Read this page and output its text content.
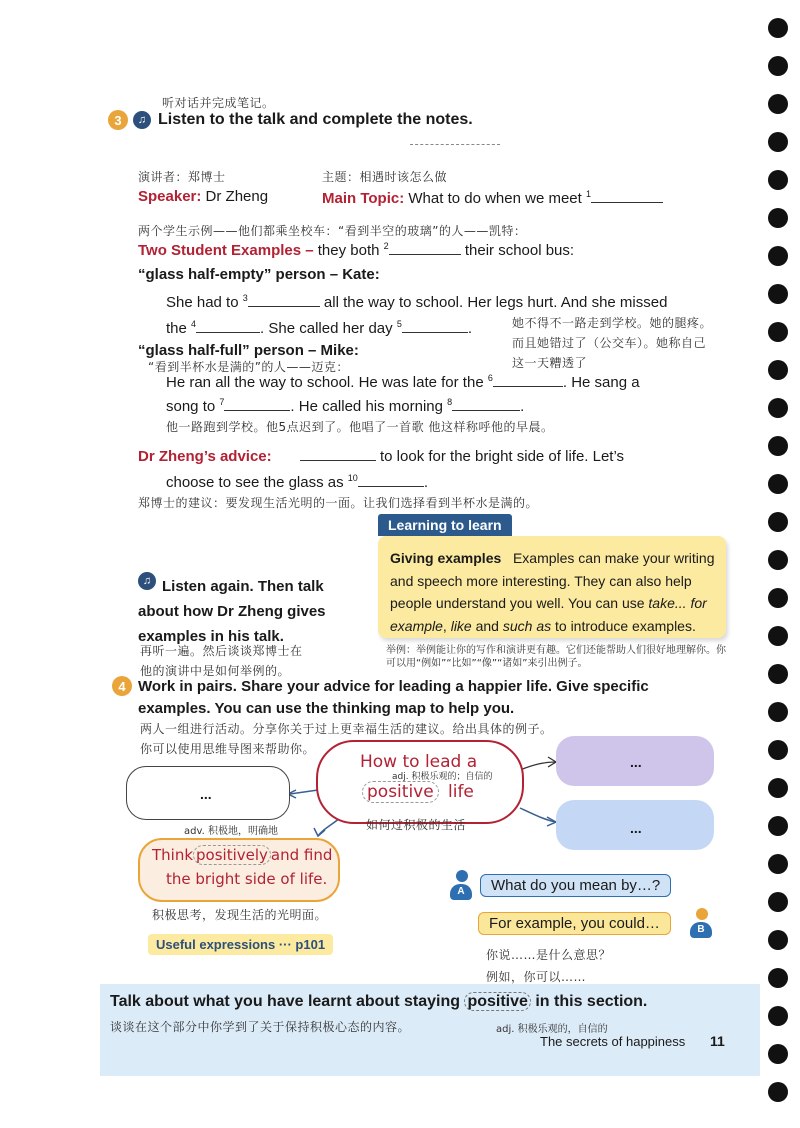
听对话并完成笔记。
3	♫ Listen to the talk and complete the notes.
演讲者：郑博士	主题：相遇时该怎么做
Speaker: Dr Zheng	Main Topic: What to do when we meet $^1$
两个学生示例——他们都乘坐校车：“看到半空的玻璃”的人——凯特：
Two Student Examples – they both $^2$	their school bus:
“glass half-empty” person – Kate:
She had to $^3$	all the way to school. Her legs hurt. And she missed
the $^4$	. She called her day $^5$	.	她不得不一路走到学校。她的腿疼。
而且她错过了（公交车）。她称自己
这一天糟透了
“glass half-full” person – Mike:
“看到半杯水是满的”的人——迈克：
He ran all the way to school. He was late for the $^6$	. He sang a
song to $^7$	. He called his morning $^8$	.
他一路跑到学校。他5点迟到了。他唱了一首歌 他这样称呼他的早晨。
Dr Zheng’s advice:	to look for the bright side of life. Let’s
choose to see the glass as $^{10}$	.
郑博士的建议：要发现生活光明的一面。让我们选择看到半杯水是满的。
Learning to learn
Giving examples Examples can make your writing and speech more interesting. They can also help people understand you well. You can use take... for example, like and such as to introduce examples.
举例：举例能让你的写作和演讲更有趣。它们还能帮助人们很好地理解你。你可以用“例如”“比如”“像”“诸如”来引出例子。
♫ Listen again. Then talk about how Dr Zheng gives examples in his talk.
再听一遍。然后谈谈郑博士在
他的演讲中是如何举例的。
4 Work in pairs. Share your advice for leading a happier life. Give specific examples. You can use the thinking map to help you.
两人一组进行活动。分享你关于过上更幸福生活的建议。给出具体的例子。
你可以使用思维导图来帮助你。
...
How to lead a
adj. 积极乐观的；自信的
positive life
如何过积极的生活
...
...
adv. 积极地，明确地
Think positively and find
the bright side of life.
积极思考，发现生活的光明面。
Useful expressions ··· p101
A	What do you mean by…?
For example, you could…	B
你说……是什么意思？
例如，你可以……
Talk about what you have learnt about staying positive in this section.
谈谈在这个部分中你学到了关于保持积极心态的内容。	adj. 积极乐观的，自信的
The secrets of happiness 11
